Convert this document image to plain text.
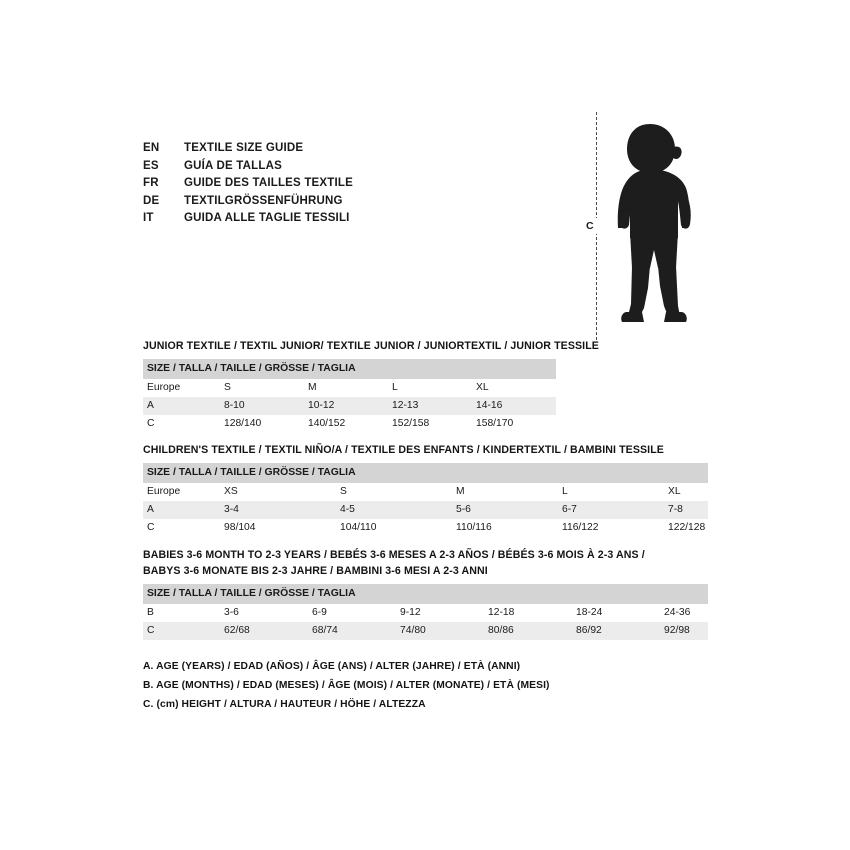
EN	TEXTILE SIZE GUIDE
ES	GUÍA DE TALLAS
FR	GUIDE DES TAILLES TEXTILE
DE	TEXTILGRÖSSENFÜHRUNG
IT	GUIDA ALLE TAGLIE TESSILI
C
JUNIOR TEXTILE / TEXTIL JUNIOR/ TEXTILE JUNIOR / JUNIORTEXTIL / JUNIOR TESSILE
SIZE / TALLA / TAILLE / GRÖSSE / TAGLIA				
Europe	S	M	L	XL
A	8-10	10-12	12-13	14-16
C	128/140	140/152	152/158	158/170
CHILDREN'S TEXTILE / TEXTIL NIÑO/A / TEXTILE DES ENFANTS / KINDERTEXTIL / BAMBINI TESSILE
SIZE / TALLA / TAILLE / GRÖSSE / TAGLIA					
Europe	XS	S	M	L	XL
A	3-4	4-5	5-6	6-7	7-8
C	98/104	104/110	110/116	116/122	122/128
BABIES 3-6 MONTH TO 2-3 YEARS / BEBÉS 3-6 MESES A 2-3 AÑOS / BÉBÉS 3-6 MOIS À 2-3 ANS /
BABYS 3-6 MONATE BIS 2-3 JAHRE / BAMBINI 3-6 MESI A 2-3 ANNI
SIZE / TALLA / TAILLE / GRÖSSE / TAGLIA						
B	3-6	6-9	9-12	12-18	18-24	24-36
C	62/68	68/74	74/80	80/86	86/92	92/98
A. AGE (YEARS) / EDAD (AÑOS) / ÂGE (ANS) / ALTER (JAHRE) / ETÀ (ANNI)
B. AGE (MONTHS) / EDAD (MESES) / ÂGE (MOIS) / ALTER (MONATE) / ETÀ (MESI)
C. (cm) HEIGHT / ALTURA / HAUTEUR / HÖHE / ALTEZZA
